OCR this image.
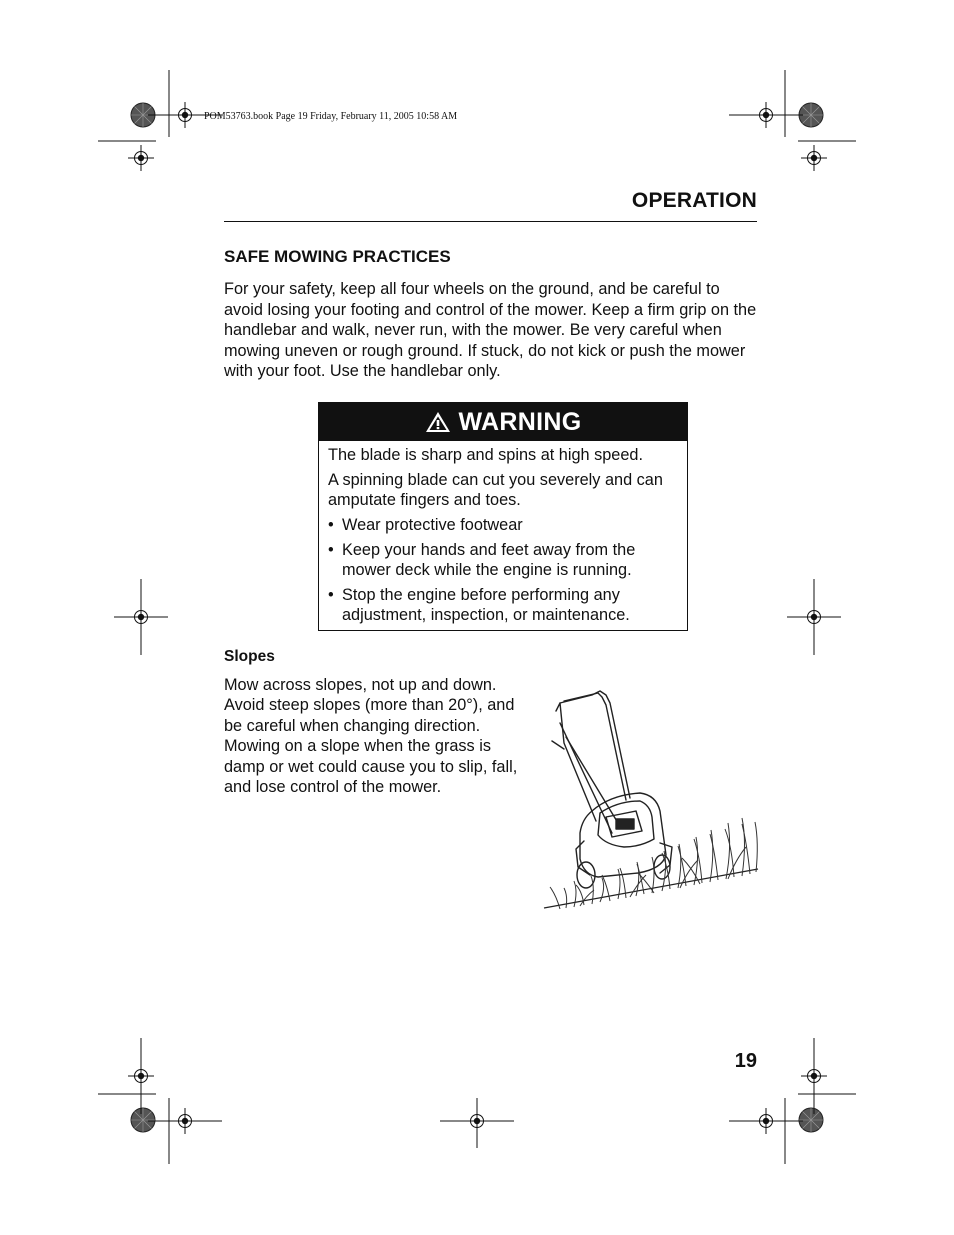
POM53763.book Page 19 Friday, February 11, 2005 10:58 AM
OPERATION
SAFE MOWING PRACTICES
For your safety, keep all four wheels on the ground, and be careful to avoid losing your footing and control of the mower. Keep a firm grip on the handlebar and walk, never run, with the mower. Be very careful when mowing uneven or rough ground. If stuck, do not kick or push the mower with your foot. Use the handlebar only.
WARNING

The blade is sharp and spins at high speed.

A spinning blade can cut you severely and can amputate fingers and toes.

• Wear protective footwear
• Keep your hands and feet away from the mower deck while the engine is running.
• Stop the engine before performing any adjustment, inspection, or maintenance.
Slopes
Mow across slopes, not up and down. Avoid steep slopes (more than 20°), and be careful when changing direction. Mowing on a slope when the grass is damp or wet could cause you to slip, fall, and lose control of the mower.
19
